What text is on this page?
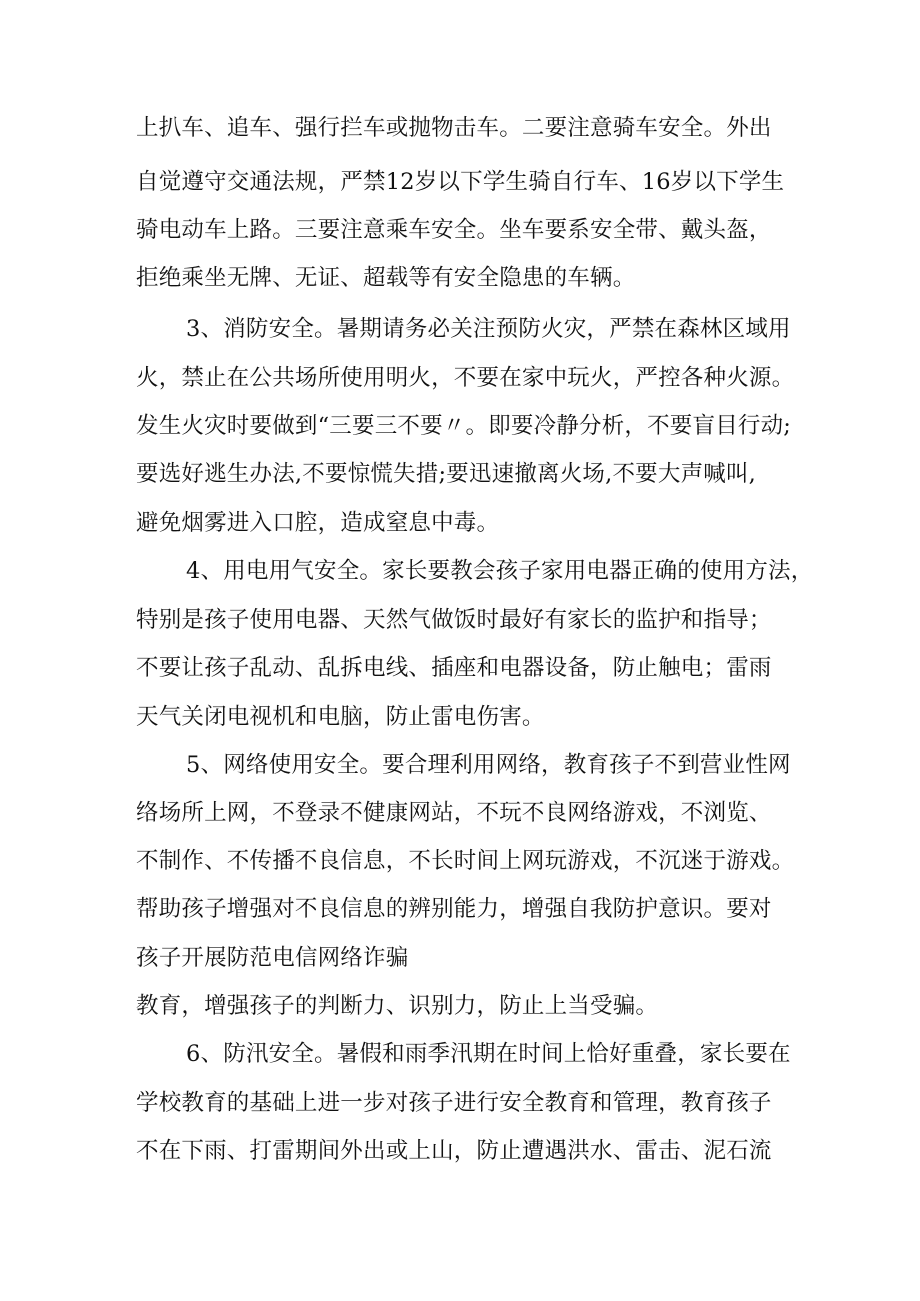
上扒车、追车、强行拦车或抛物击车。二要注意骑车安全。外出
自觉遵守交通法规，严禁12岁以下学生骑自行车、16岁以下学生
骑电动车上路。三要注意乘车安全。坐车要系安全带、戴头盔，
拒绝乘坐无牌、无证、超载等有安全隐患的车辆。
3、消防安全。暑期请务必关注预防火灾，严禁在森林区域用
火，禁止在公共场所使用明火，不要在家中玩火，严控各种火源。
发生火灾时要做到“三要三不要〃。即要冷静分析，不要盲目行动;
要选好逃生办法,不要惊慌失措;要迅速撤离火场,不要大声喊叫,
避免烟雾进入口腔，造成窒息中毒。
4、用电用气安全。家长要教会孩子家用电器正确的使用方法，
特别是孩子使用电器、天然气做饭时最好有家长的监护和指导；
不要让孩子乱动、乱拆电线、插座和电器设备，防止触电；雷雨
天气关闭电视机和电脑，防止雷电伤害。
5、网络使用安全。要合理利用网络，教育孩子不到营业性网
络场所上网，不登录不健康网站，不玩不良网络游戏，不浏览、
不制作、不传播不良信息，不长时间上网玩游戏，不沉迷于游戏。
帮助孩子增强对不良信息的辨别能力，增强自我防护意识。要对
孩子开展防范电信网络诈骗
教育，增强孩子的判断力、识别力，防止上当受骗。
6、防汛安全。暑假和雨季汛期在时间上恰好重叠，家长要在
学校教育的基础上进一步对孩子进行安全教育和管理，教育孩子
不在下雨、打雷期间外出或上山，防止遭遇洪水、雷击、泥石流
